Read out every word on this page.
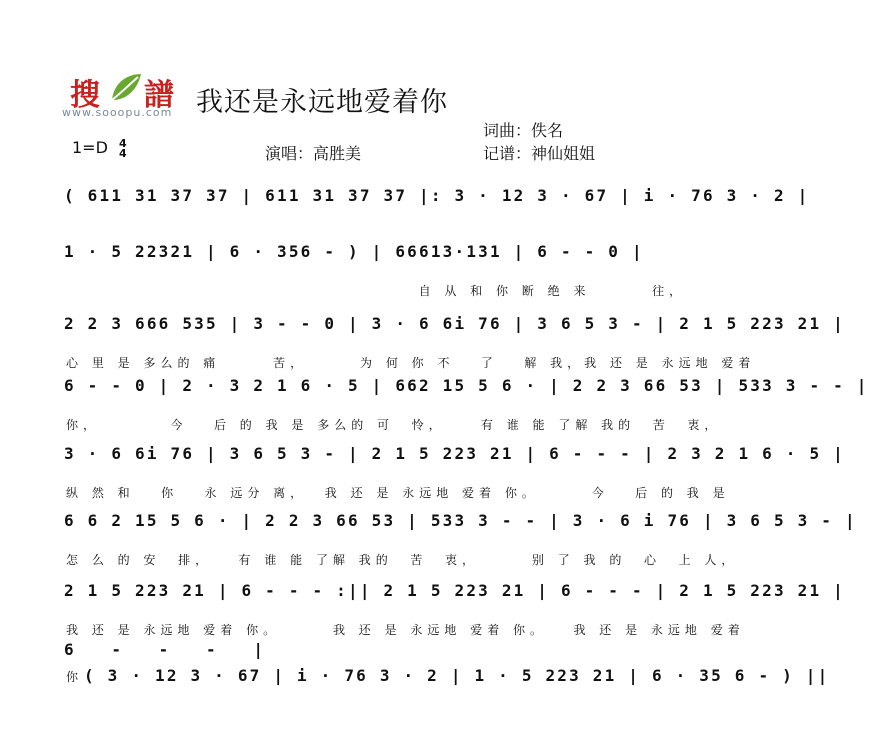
搜 譜
www.sooopu.com 我还是永远地爱着你
词曲：佚名
1=D 4
4	演唱：高胜美	记谱：神仙姐姐
( 611 31 37 37 | 611 31 37 37 |: 3 · 12 3 · 67 | i · 76 3 · 2 |
1 · 5 22321 | 6 · 356 - ) | 66613·131 | 6 - - 0 |
自 从 和 你 断 绝 来       往，
2 2 3 666 535 | 3 - - 0 | 3 · 6 6i 76 | 3 6 5 3 - | 2 1 5 223 21 |
心 里 是 多么的 痛      苦，      为 何 你 不   了   解 我，我 还 是 永远地 爱着
6 - - 0 | 2 · 3 2 1 6 · 5 | 662 15 5 6 · | 2 2 3 66 53 | 533 3 - - |
你，        今   后 的 我 是 多么的 可  怜，    有 谁 能 了解 我的  苦  衷，
3 · 6 6i 76 | 3 6 5 3 - | 2 1 5 223 21 | 6 - - - | 2 3 2 1 6 · 5 |
纵 然 和   你   永 远分 离，  我 还 是 永远地 爱着 你。      今   后 的 我 是
6 6 2 15 5 6 · | 2 2 3 66 53 | 533 3 - - | 3 · 6 i 76 | 3 6 5 3 - |
怎 么 的 安  排，   有 谁 能 了解 我的  苦  衷，      别 了 我 的  心  上 人，
2 1 5 223 21 | 6 - - - :|| 2 1 5 223 21 | 6 - - - | 2 1 5 223 21 |
我 还 是 永远地 爱着 你。      我 还 是 永远地 爱着 你。   我 还 是 永远地 爱着
6   -   -   -   |
你 ( 3 · 12 3 · 67 | i · 76 3 · 2 | 1 · 5 223 21 | 6 · 35 6 - ) ||
